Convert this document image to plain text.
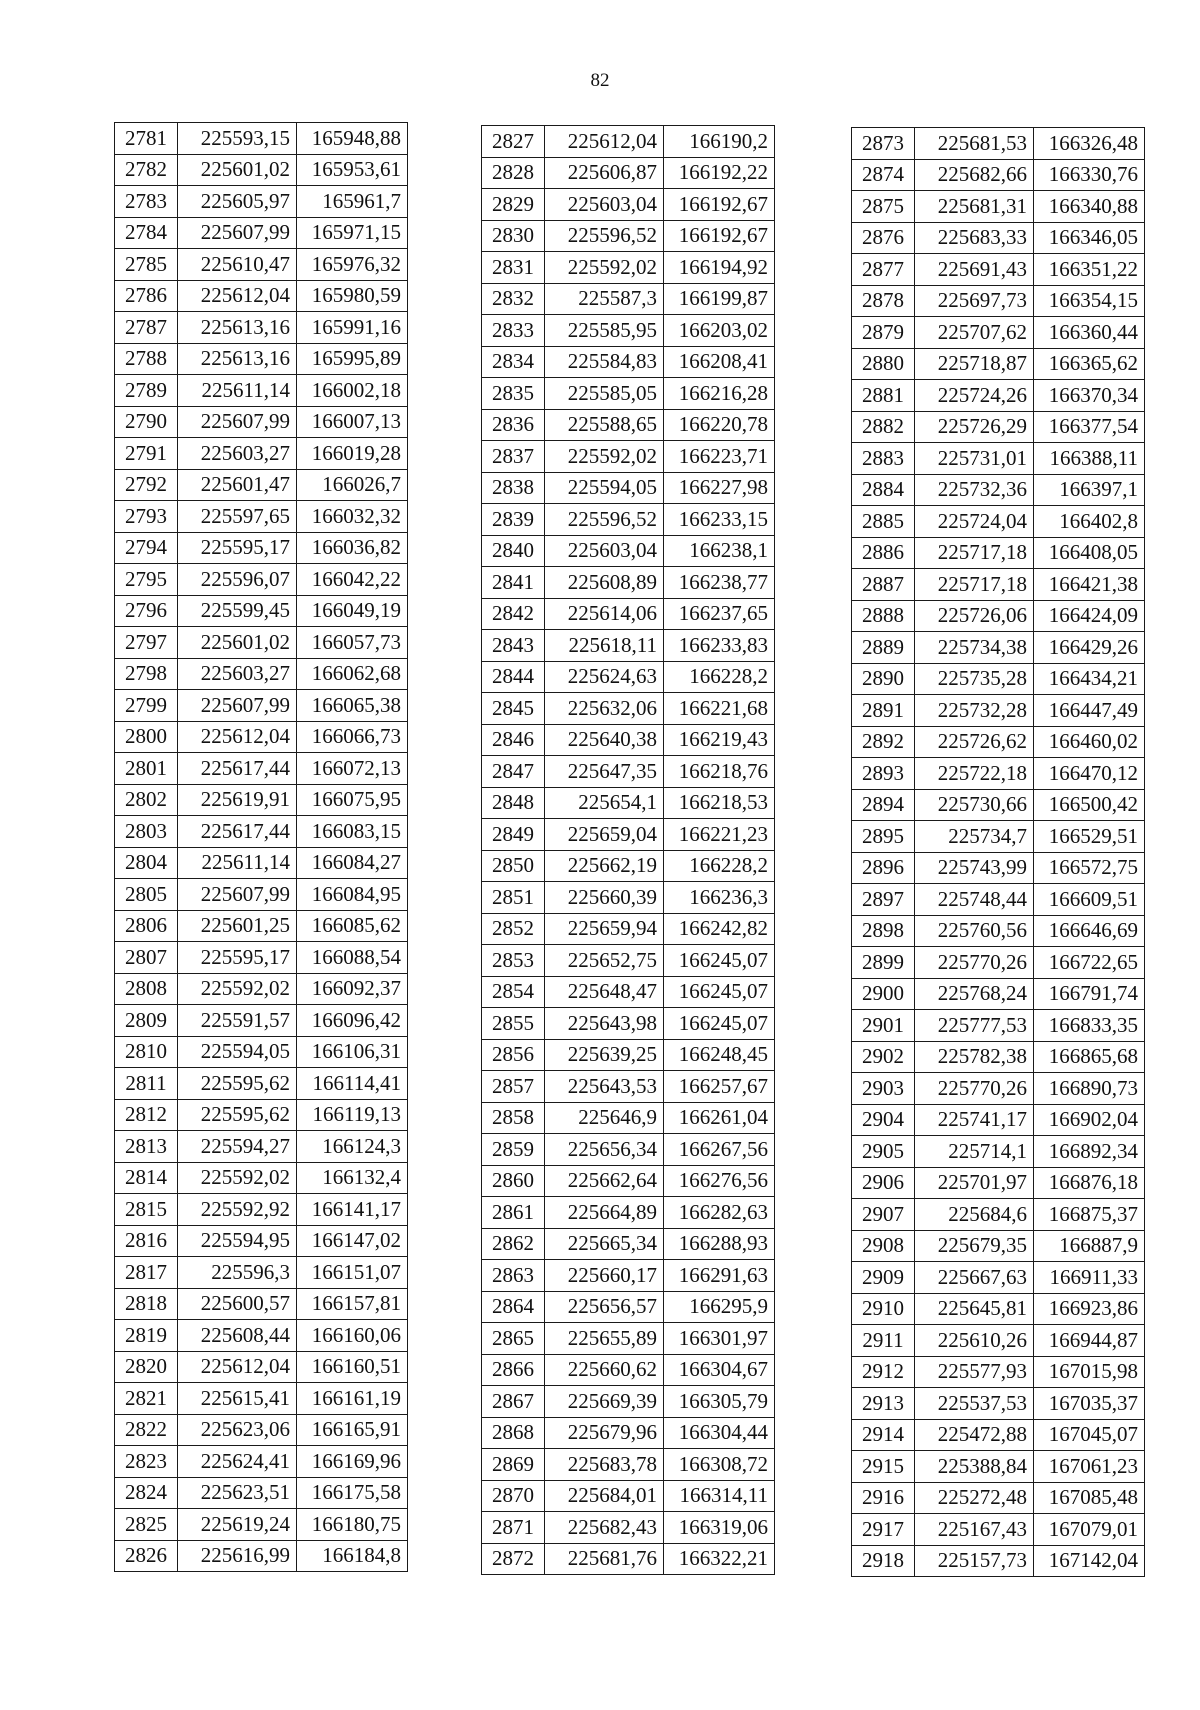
82
2781	225593,15	165948,88
2782	225601,02	165953,61
2783	225605,97	165961,7
2784	225607,99	165971,15
2785	225610,47	165976,32
2786	225612,04	165980,59
2787	225613,16	165991,16
2788	225613,16	165995,89
2789	225611,14	166002,18
2790	225607,99	166007,13
2791	225603,27	166019,28
2792	225601,47	166026,7
2793	225597,65	166032,32
2794	225595,17	166036,82
2795	225596,07	166042,22
2796	225599,45	166049,19
2797	225601,02	166057,73
2798	225603,27	166062,68
2799	225607,99	166065,38
2800	225612,04	166066,73
2801	225617,44	166072,13
2802	225619,91	166075,95
2803	225617,44	166083,15
2804	225611,14	166084,27
2805	225607,99	166084,95
2806	225601,25	166085,62
2807	225595,17	166088,54
2808	225592,02	166092,37
2809	225591,57	166096,42
2810	225594,05	166106,31
2811	225595,62	166114,41
2812	225595,62	166119,13
2813	225594,27	166124,3
2814	225592,02	166132,4
2815	225592,92	166141,17
2816	225594,95	166147,02
2817	225596,3	166151,07
2818	225600,57	166157,81
2819	225608,44	166160,06
2820	225612,04	166160,51
2821	225615,41	166161,19
2822	225623,06	166165,91
2823	225624,41	166169,96
2824	225623,51	166175,58
2825	225619,24	166180,75
2826	225616,99	166184,8
2827	225612,04	166190,2
2828	225606,87	166192,22
2829	225603,04	166192,67
2830	225596,52	166192,67
2831	225592,02	166194,92
2832	225587,3	166199,87
2833	225585,95	166203,02
2834	225584,83	166208,41
2835	225585,05	166216,28
2836	225588,65	166220,78
2837	225592,02	166223,71
2838	225594,05	166227,98
2839	225596,52	166233,15
2840	225603,04	166238,1
2841	225608,89	166238,77
2842	225614,06	166237,65
2843	225618,11	166233,83
2844	225624,63	166228,2
2845	225632,06	166221,68
2846	225640,38	166219,43
2847	225647,35	166218,76
2848	225654,1	166218,53
2849	225659,04	166221,23
2850	225662,19	166228,2
2851	225660,39	166236,3
2852	225659,94	166242,82
2853	225652,75	166245,07
2854	225648,47	166245,07
2855	225643,98	166245,07
2856	225639,25	166248,45
2857	225643,53	166257,67
2858	225646,9	166261,04
2859	225656,34	166267,56
2860	225662,64	166276,56
2861	225664,89	166282,63
2862	225665,34	166288,93
2863	225660,17	166291,63
2864	225656,57	166295,9
2865	225655,89	166301,97
2866	225660,62	166304,67
2867	225669,39	166305,79
2868	225679,96	166304,44
2869	225683,78	166308,72
2870	225684,01	166314,11
2871	225682,43	166319,06
2872	225681,76	166322,21
2873	225681,53	166326,48
2874	225682,66	166330,76
2875	225681,31	166340,88
2876	225683,33	166346,05
2877	225691,43	166351,22
2878	225697,73	166354,15
2879	225707,62	166360,44
2880	225718,87	166365,62
2881	225724,26	166370,34
2882	225726,29	166377,54
2883	225731,01	166388,11
2884	225732,36	166397,1
2885	225724,04	166402,8
2886	225717,18	166408,05
2887	225717,18	166421,38
2888	225726,06	166424,09
2889	225734,38	166429,26
2890	225735,28	166434,21
2891	225732,28	166447,49
2892	225726,62	166460,02
2893	225722,18	166470,12
2894	225730,66	166500,42
2895	225734,7	166529,51
2896	225743,99	166572,75
2897	225748,44	166609,51
2898	225760,56	166646,69
2899	225770,26	166722,65
2900	225768,24	166791,74
2901	225777,53	166833,35
2902	225782,38	166865,68
2903	225770,26	166890,73
2904	225741,17	166902,04
2905	225714,1	166892,34
2906	225701,97	166876,18
2907	225684,6	166875,37
2908	225679,35	166887,9
2909	225667,63	166911,33
2910	225645,81	166923,86
2911	225610,26	166944,87
2912	225577,93	167015,98
2913	225537,53	167035,37
2914	225472,88	167045,07
2915	225388,84	167061,23
2916	225272,48	167085,48
2917	225167,43	167079,01
2918	225157,73	167142,04
